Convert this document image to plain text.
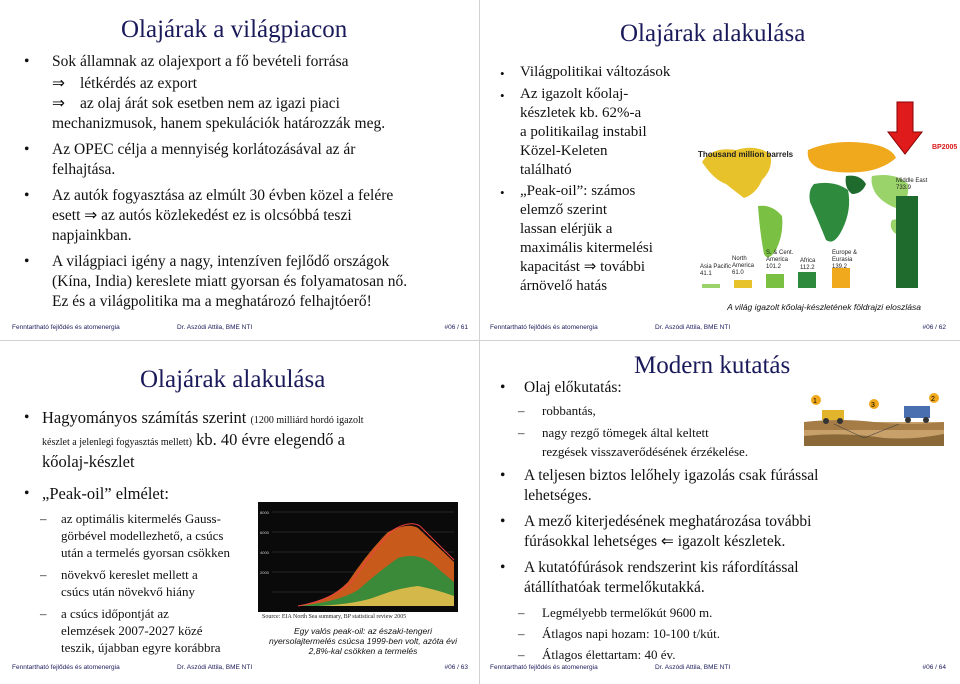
Olajárak a világpiacon
• Sok államnak az olajexport a fő bevételi forrása
⇒ létkérdés az export
⇒ az olaj árát sok esetben nem az igazi piaci
mechanizmusok, hanem spekulációk határozzák meg.
• Az OPEC célja a mennyiség korlátozásával az ár
felhajtása.
• Az autók fogyasztása az elmúlt 30 évben közel a felére
esett ⇒ az autós közlekedést ez is olcsóbbá teszi
napjainkban.
• A világpiaci igény a nagy, intenzíven fejlődő országok
(Kína, India) kereslete miatt gyorsan és folyamatosan nő.
Ez és a világpolitika ma a meghatározó felhajtóerő!
Fenntartható fejlődés és atomenergia	Dr. Aszódi Attila, BME NTI	#06 / 61
Olajárak alakulása
• Világpolitikai változások
• Az igazolt kőolaj-
készletek kb. 62%-a
a politikailag instabil
Közel-Keleten
található
• „Peak-oil”: számos
elemző szerint
lassan elérjük a
maximális kitermelési
kapacitást ⇒ további
árnövelő hatás
Thousand million barrels
BP2005
Asia Pacific
41.1
North America
61.0
S. & Cent. America
101.2
Africa
112.2
Europe & Eurasia
139.2
Middle East
733.9
A világ igazolt kőolaj-készletének földrajzi eloszlása
Fenntartható fejlődés és atomenergia	Dr. Aszódi Attila, BME NTI	#06 / 62
Olajárak alakulása
• Hagyományos számítás szerint (1200 milliárd hordó igazolt
készlet a jelenlegi fogyasztás mellett) kb. 40 évre elegendő a
kőolaj-készlet
• „Peak-oil” elmélet:
– az optimális kitermelés Gauss-
görbével modellezhető, a csúcs
után a termelés gyorsan csökken
– növekvő kereslet mellett a
csúcs után növekvő hiány
– a csúcs időpontját az
elemzések 2007-2027 közé
teszik, újabban egyre korábbra
8000
6000
4000
2000
Source: EIA North Sea summary, BP statistical review 2005
Egy valós peak-oil: az északi-tengeri
nyersolajtermelés csúcsa 1999-ben volt, azóta évi
2,8%-kal csökken a termelés
Fenntartható fejlődés és atomenergia	Dr. Aszódi Attila, BME NTI	#06 / 63
Modern kutatás
• Olaj előkutatás:
1	2
3
– robbantás,
– nagy rezgő tömegek által keltett
rezgések visszaverődésének érzékelése.
• A teljesen biztos lelőhely igazolás csak fúrással
lehetséges.
• A mező kiterjedésének meghatározása további
fúrásokkal lehetséges ⇐ igazolt készletek.
• A kutatófúrások rendszerint kis ráfordítással
átállíthatóak termelőkutakká.
– Legmélyebb termelőkút 9600 m.
– Átlagos napi hozam: 10-100 t/kút.
– Átlagos élettartam: 40 év.
Fenntartható fejlődés és atomenergia	Dr. Aszódi Attila, BME NTI	#06 / 64
